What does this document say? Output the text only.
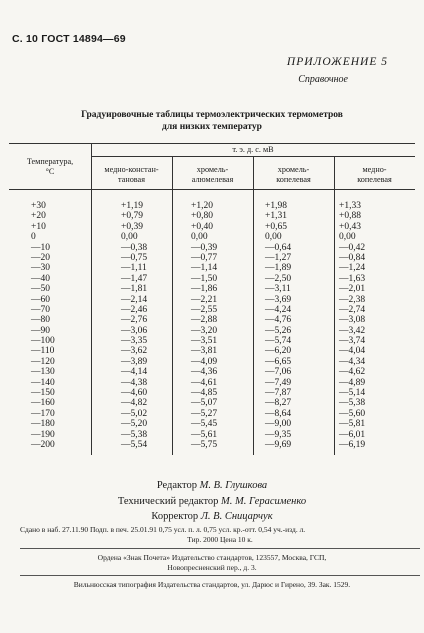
С. 10 ГОСТ 14894—69
ПРИЛОЖЕНИЕ 5
Справочное
Градуировочные таблицы термоэлектрических термометров
для низких температур
Температура,
°С
т. э. д. с. мВ
медно-констан-
тановая
хромель-
алюмелевая
хромель-
копелевая
медно-
копелевая
+30
+20
+10
0
—10
—20
—30
—40
—50
—60
—70
—80
—90
—100
—110
—120
—130
—140
—150
—160
—170
—180
—190
—200
+1,19
+0,79
+0,39
0,00
—0,38
—0,75
—1,11
—1,47
—1,81
—2,14
—2,46
—2,76
—3,06
—3,35
—3,62
—3,89
—4,14
—4,38
—4,60
—4,82
—5,02
—5,20
—5,38
—5,54
+1,20
+0,80
+0,40
0,00
—0,39
—0,77
—1,14
—1,50
—1,86
—2,21
—2,55
—2,88
—3,20
—3,51
—3,81
—4,09
—4,36
—4,61
—4,85
—5,07
—5,27
—5,45
—5,61
—5,75
+1,98
+1,31
+0,65
0,00
—0,64
—1,27
—1,89
—2,50
—3,11
—3,69
—4,24
—4,76
—5,26
—5,74
—6,20
—6,65
—7,06
—7,49
—7,87
—8,27
—8,64
—9,00
—9,35
—9,69
+1,33
+0,88
+0,43
0,00
—0,42
—0,84
—1,24
—1,63
—2,01
—2,38
—2,74
—3,08
—3,42
—3,74
—4,04
—4,34
—4,62
—4,89
—5,14
—5,38
—5,60
—5,81
—6,01
—6,19
Редактор М. В. Глушкова
Технический редактор М. М. Герасименко
Корректор Л. В. Сницарчук
Сдано в наб. 27.11.90 Подп. в печ. 25.01.91 0,75 усл. п. л. 0,75 усл. кр.-отт. 0,54 уч.-изд. л.
Тир. 2000 Цена 10 к.
Ордена «Знак Почета» Издательство стандартов, 123557, Москва, ГСП,
Новопресненский пер., д. 3.
Вильнюсская типография Издательства стандартов, ул. Дарюс и Гирено, 39. Зак. 1529.
